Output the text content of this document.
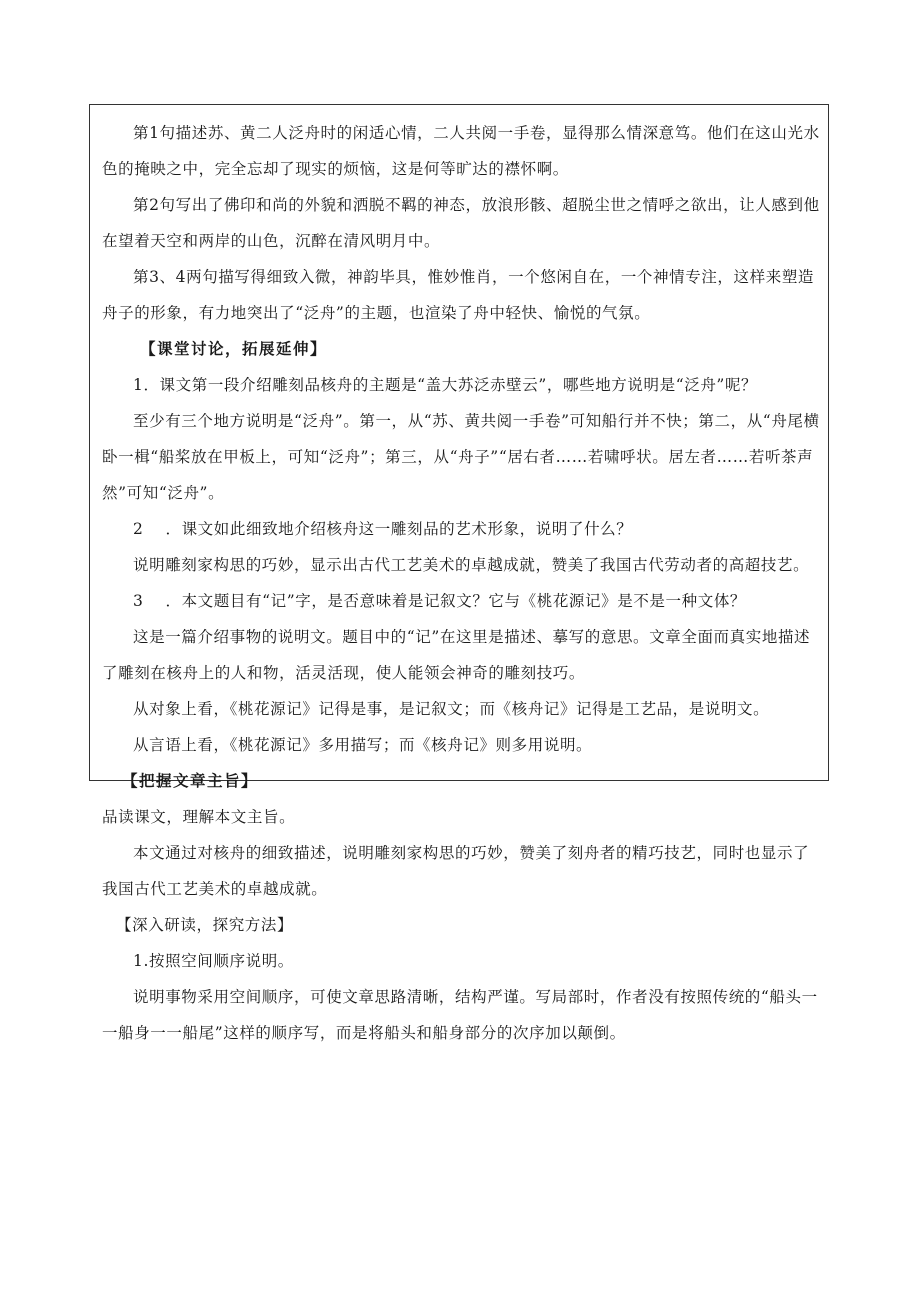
第1句描述苏、黄二人泛舟时的闲适心情，二人共阅一手卷，显得那么情深意笃。他们在这山光水色的掩映之中，完全忘却了现实的烦恼，这是何等旷达的襟怀啊。

第2句写出了佛印和尚的外貌和洒脱不羁的神态，放浪形骸、超脱尘世之情呼之欲出，让人感到他在望着天空和两岸的山色，沉醉在清风明月中。

第3、4两句描写得细致入微，神韵毕具，惟妙惟肖，一个悠闲自在，一个神情专注，这样来塑造舟子的形象，有力地突出了“泛舟”的主题，也渲染了舟中轻快、愉悦的气氛。

【课堂讨论，拓展延伸】

1．课文第一段介绍雕刻品核舟的主题是“盖大苏泛赤壁云”，哪些地方说明是“泛舟”呢？

至少有三个地方说明是“泛舟”。第一，从“苏、黄共阅一手卷”可知船行并不快；第二，从“舟尾横卧一楫“船桨放在甲板上，可知“泛舟”；第三，从“舟子”“居右者……若啸呼状。居左者……若听茶声然”可知“泛舟”。

2 ．课文如此细致地介绍核舟这一雕刻品的艺术形象，说明了什么？

说明雕刻家构思的巧妙，显示出古代工艺美术的卓越成就，赞美了我国古代劳动者的高超技艺。

3 ．本文题目有“记”字，是否意味着是记叙文？它与《桃花源记》是不是一种文体？

这是一篇介绍事物的说明文。题目中的“记”在这里是描述、摹写的意思。文章全面而真实地描述了雕刻在核舟上的人和物，活灵活现，使人能领会神奇的雕刻技巧。

从对象上看，《桃花源记》记得是事，是记叙文；而《核舟记》记得是工艺品，是说明文。

从言语上看，《桃花源记》多用描写；而《核舟记》则多用说明。

【把握文章主旨】

品读课文，理解本文主旨。

本文通过对核舟的细致描述，说明雕刻家构思的巧妙，赞美了刻舟者的精巧技艺，同时也显示了我国古代工艺美术的卓越成就。

【深入研读，探究方法】

1.按照空间顺序说明。

说明事物采用空间顺序，可使文章思路清晰，结构严谨。写局部时，作者没有按照传统的“船头一一船身一一船尾”这样的顺序写，而是将船头和船身部分的次序加以颠倒。
